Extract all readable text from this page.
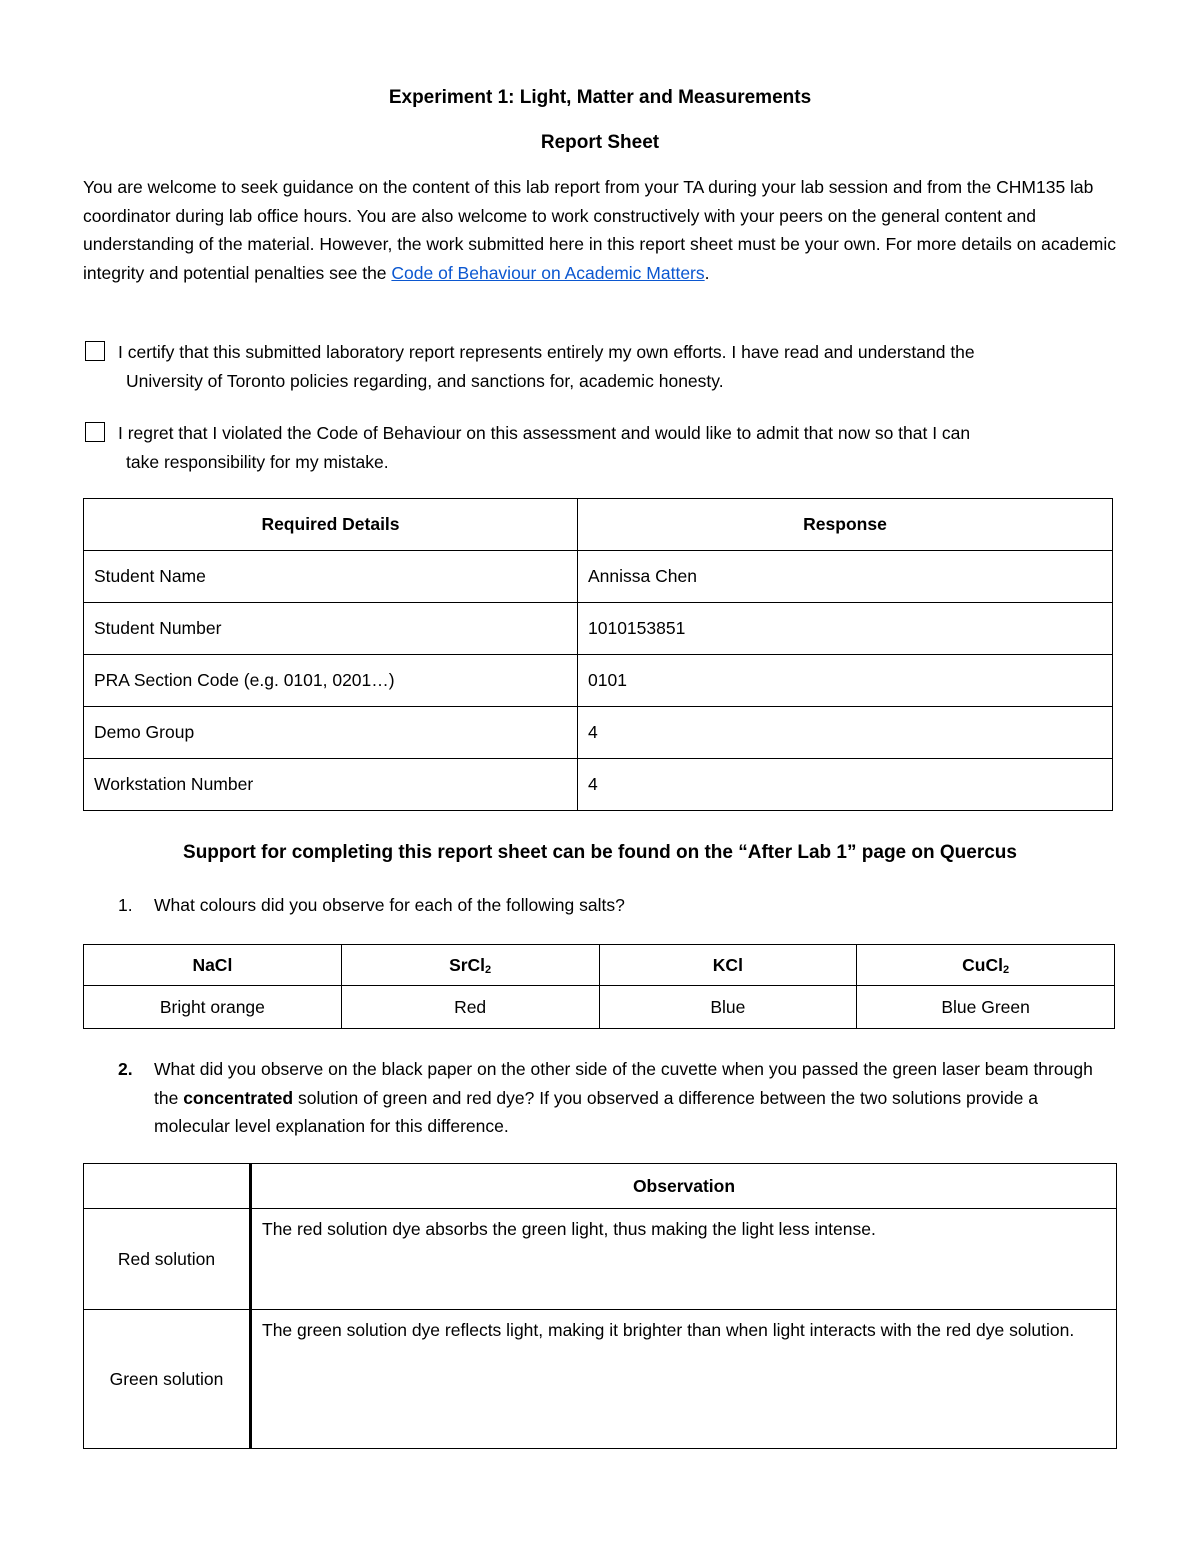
Experiment 1: Light, Matter and Measurements
Report Sheet
You are welcome to seek guidance on the content of this lab report from your TA during your lab session and from the CHM135 lab coordinator during lab office hours. You are also welcome to work constructively with your peers on the general content and understanding of the material. However, the work submitted here in this report sheet must be your own. For more details on academic integrity and potential penalties see the Code of Behaviour on Academic Matters.
I certify that this submitted laboratory report represents entirely my own efforts. I have read and understand the
University of Toronto policies regarding, and sanctions for, academic honesty.
I regret that I violated the Code of Behaviour on this assessment and would like to admit that now so that I can
take responsibility for my mistake.
Required Details	Response
Student Name	Annissa Chen
Student Number	1010153851
PRA Section Code (e.g. 0101, 0201…)	0101
Demo Group	4
Workstation Number	4
Support for completing this report sheet can be found on the “After Lab 1” page on Quercus
1. What colours did you observe for each of the following salts?
NaCl	SrCl$_2$	KCl	CuCl$_2$
Bright orange	Red	Blue	Blue Green
2.	What did you observe on the black paper on the other side of the cuvette when you passed the green laser beam through the concentrated solution of green and red dye? If you observed a difference between the two solutions provide a molecular level explanation for this difference.
	Observation
Red solution	The red solution dye absorbs the green light, thus making the light less intense.
Green solution	The green solution dye reflects light, making it brighter than when light interacts with the red dye solution.
